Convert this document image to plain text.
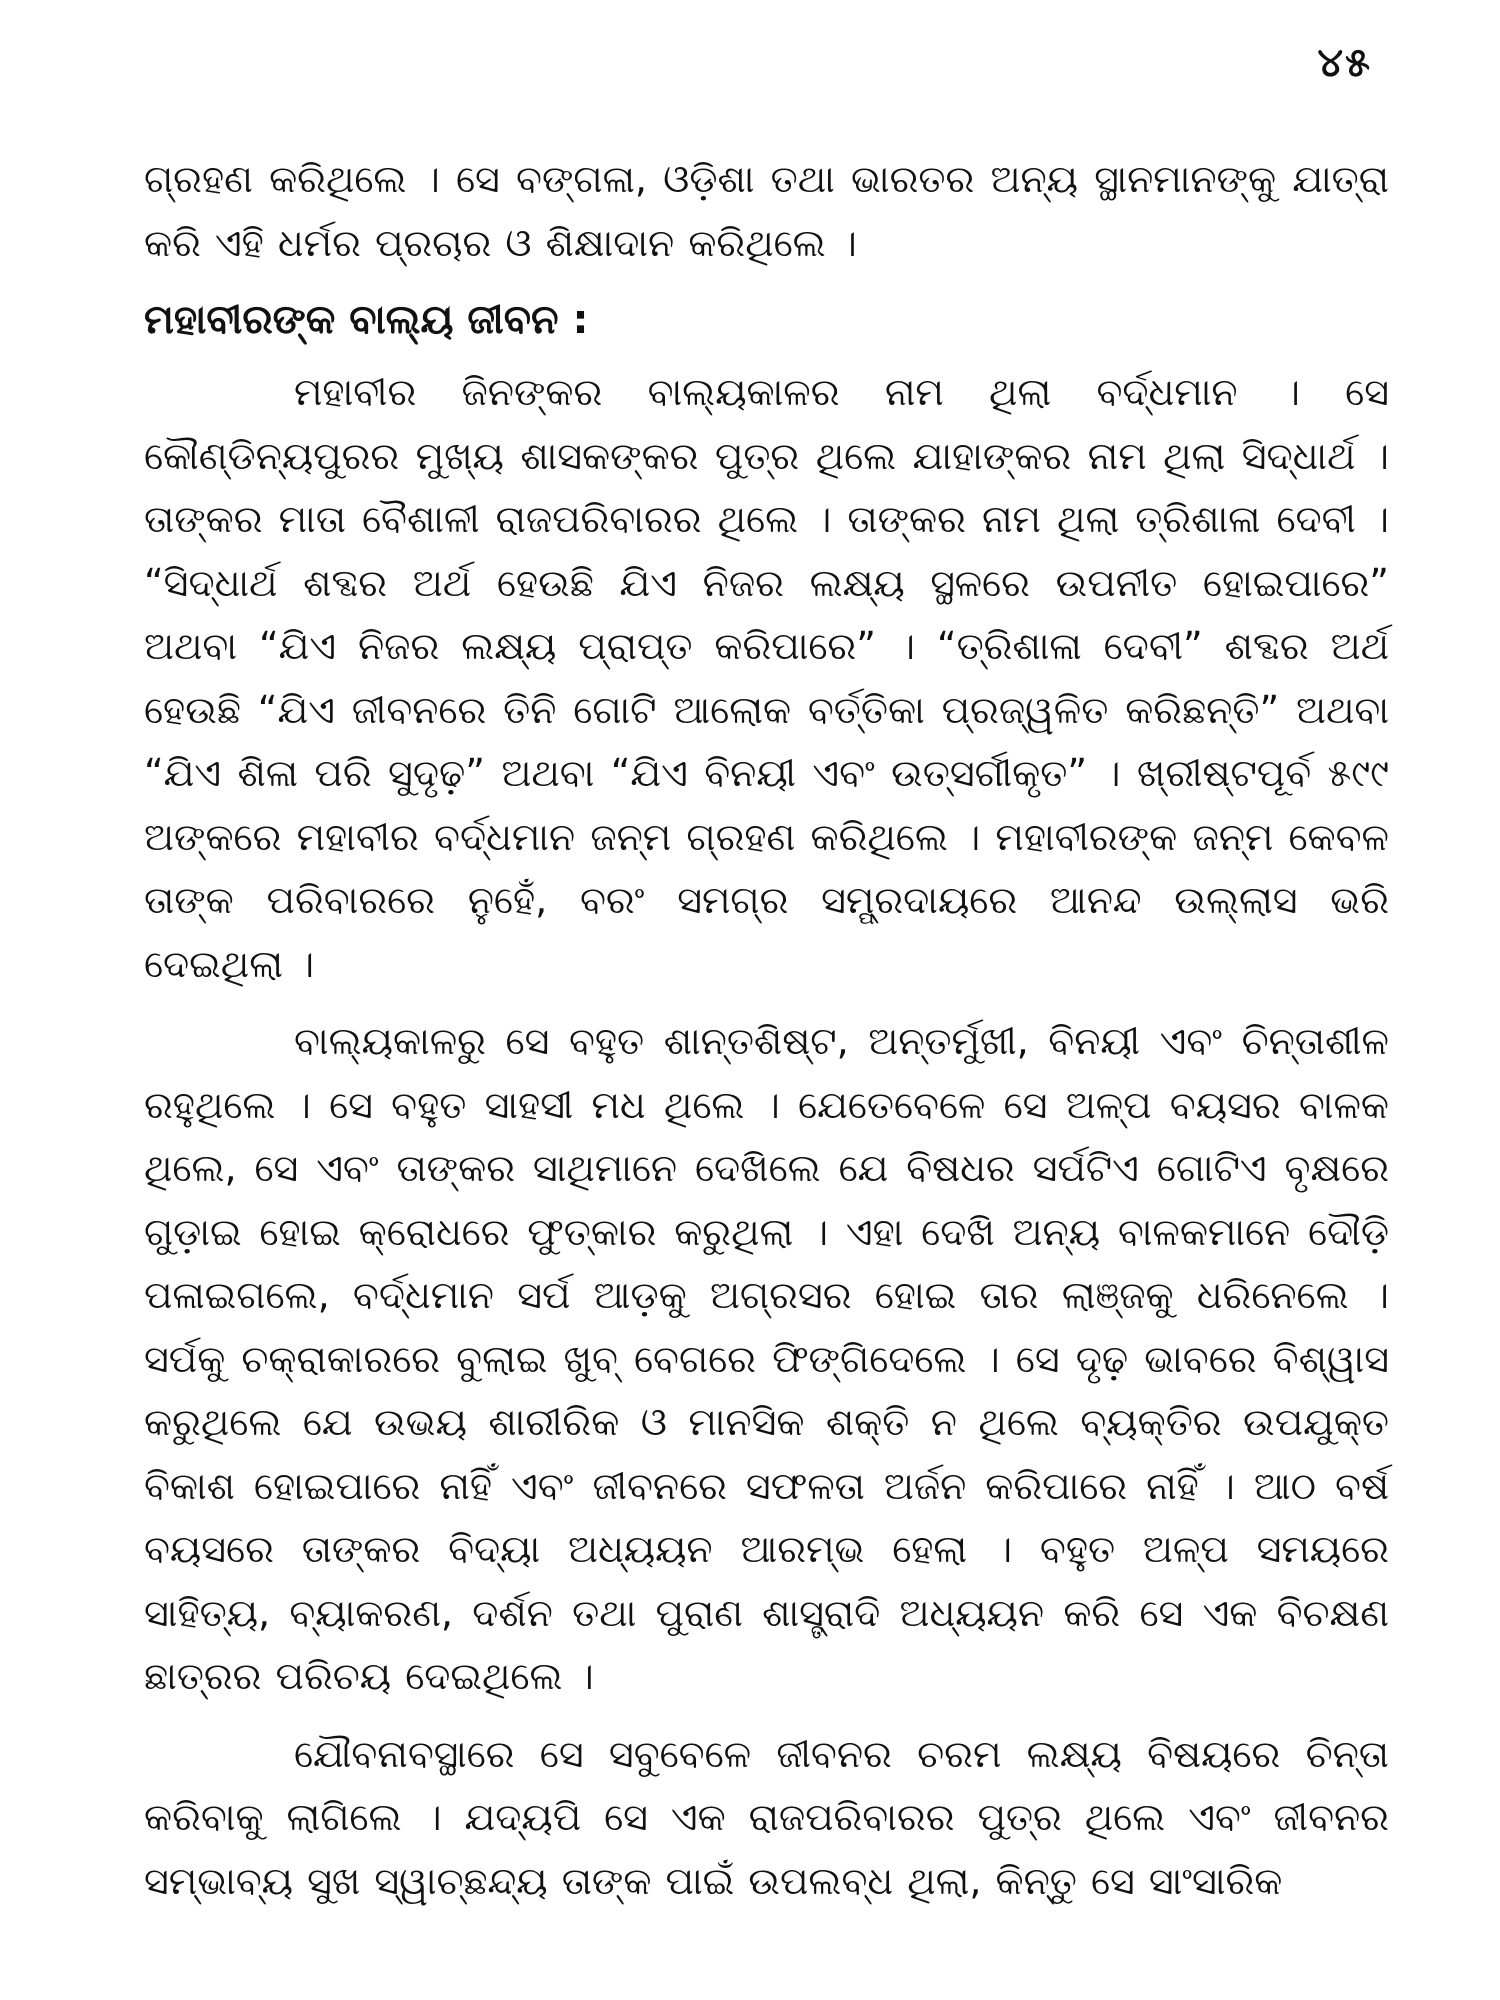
୪୫

ଗ୍ରହଣ କରିଥିଲେ । ସେ ବଙ୍ଗଳା, ଓଡ଼ିଶା ତଥା ଭାରତର ଅନ୍ୟ ସ୍ଥାନମାନଙ୍କୁ ଯାତ୍ରା କରି ଏହି ଧର୍ମର ପ୍ରଚାର ଓ ଶିକ୍ଷାଦାନ କରିଥିଲେ ।

ମହାବୀରଙ୍କ ବାଲ୍ୟ ଜୀବନ :

ମହାବୀର ଜିନଙ୍କର ବାଲ୍ୟକାଳର ନାମ ଥିଲା ବର୍ଦ୍ଧମାନ । ସେ କୌଣ୍ଡିନ୍ୟପୁରର ମୁଖ୍ୟ ଶାସକଙ୍କର ପୁତ୍ର ଥିଲେ ଯାହାଙ୍କର ନାମ ଥିଲା ସିଦ୍ଧାର୍ଥ । ତାଙ୍କର ମାତା ବୈଶାଳୀ ରାଜପରିବାରର ଥିଲେ । ତାଙ୍କର ନାମ ଥିଲା ତ୍ରିଶାଳା ଦେବୀ । “ସିଦ୍ଧାର୍ଥ ଶବ୍ଦର ଅର୍ଥ ହେଉଛି ଯିଏ ନିଜର ଲକ୍ଷ୍ୟ ସ୍ଥଳରେ ଉପନୀତ ହୋଇପାରେ” ଅଥବା “ଯିଏ ନିଜର ଲକ୍ଷ୍ୟ ପ୍ରାପ୍ତ କରିପାରେ” । “ତ୍ରିଶାଳା ଦେବୀ” ଶବ୍ଦର ଅର୍ଥ ହେଉଛି “ଯିଏ ଜୀବନରେ ତିନି ଗୋଟି ଆଲୋକ ବର୍ତ୍ତିକା ପ୍ରଜ୍ୱଳିତ କରିଛନ୍ତି” ଅଥବା “ଯିଏ ଶିଳା ପରି ସୁଦୃଢ଼” ଅଥବା “ଯିଏ ବିନୟୀ ଏବଂ ଉତ୍ସର୍ଗୀକୃତ” । ଖ୍ରୀଷ୍ଟପୂର୍ବ ୫୯୯ ଅଙ୍କରେ ମହାବୀର ବର୍ଦ୍ଧମାନ ଜନ୍ମ ଗ୍ରହଣ କରିଥିଲେ । ମହାବୀରଙ୍କ ଜନ୍ମ କେବଳ ତାଙ୍କ ପରିବାରରେ ନୁହେଁ, ବରଂ ସମଗ୍ର ସମ୍ପ୍ରଦାୟରେ ଆନନ୍ଦ ଉଲ୍ଲାସ ଭରି ଦେଇଥିଲା ।

ବାଲ୍ୟକାଳରୁ ସେ ବହୁତ ଶାନ୍ତଶିଷ୍ଟ, ଅନ୍ତର୍ମୁଖୀ, ବିନୟୀ ଏବଂ ଚିନ୍ତାଶୀଳ ରହୁଥିଲେ । ସେ ବହୁତ ସାହସୀ ମଧ ଥିଲେ । ଯେତେବେଳେ ସେ ଅଳ୍ପ ବୟସର ବାଳକ ଥିଲେ, ସେ ଏବଂ ତାଙ୍କର ସାଥିମାନେ ଦେଖିଲେ ଯେ ବିଷଧର ସର୍ପଟିଏ ଗୋଟିଏ ବୃକ୍ଷରେ ଗୁଡ଼ାଇ ହୋଇ କ୍ରୋଧରେ ଫୁତ୍କାର କରୁଥିଲା । ଏହା ଦେଖି ଅନ୍ୟ ବାଳକମାନେ ଦୌଡ଼ି ପଳାଇଗଲେ, ବର୍ଦ୍ଧମାନ ସର୍ପ ଆଡ଼କୁ ଅଗ୍ରସର ହୋଇ ତାର ଲାଞ୍ଜକୁ ଧରିନେଲେ । ସର୍ପକୁ ଚକ୍ରାକାରରେ ବୁଲାଇ ଖୁବ୍ ବେଗରେ ଫିଙ୍ଗିଦେଲେ । ସେ ଦୃଢ଼ ଭାବରେ ବିଶ୍ୱାସ କରୁଥିଲେ ଯେ ଉଭୟ ଶାରୀରିକ ଓ ମାନସିକ ଶକ୍ତି ନ ଥିଲେ ବ୍ୟକ୍ତିର ଉପଯୁକ୍ତ ବିକାଶ ହୋଇପାରେ ନାହିଁ ଏବଂ ଜୀବନରେ ସଫଳତା ଅର୍ଜନ କରିପାରେ ନାହିଁ । ଆଠ ବର୍ଷ ବୟସରେ ତାଙ୍କର ବିଦ୍ୟା ଅଧ୍ୟୟନ ଆରମ୍ଭ ହେଲା । ବହୁତ ଅଳ୍ପ ସମୟରେ ସାହିତ୍ୟ, ବ୍ୟାକରଣ, ଦର୍ଶନ ତଥା ପୁରାଣ ଶାସ୍ତ୍ରାଦି ଅଧ୍ୟୟନ କରି ସେ ଏକ ବିଚକ୍ଷଣ ଛାତ୍ରର ପରିଚୟ ଦେଇଥିଲେ ।

ଯୌବନାବସ୍ଥାରେ ସେ ସବୁବେଳେ ଜୀବନର ଚରମ ଲକ୍ଷ୍ୟ ବିଷୟରେ ଚିନ୍ତା କରିବାକୁ ଲାଗିଲେ । ଯଦ୍ୟପି ସେ ଏକ ରାଜପରିବାରର ପୁତ୍ର ଥିଲେ ଏବଂ ଜୀବନର ସମ୍ଭାବ୍ୟ ସୁଖ ସ୍ୱାଚ୍ଛନ୍ଦ୍ୟ ତାଙ୍କ ପାଇଁ ଉପଲବ୍ଧ ଥିଲା, କିନ୍ତୁ ସେ ସାଂସାରିକ
